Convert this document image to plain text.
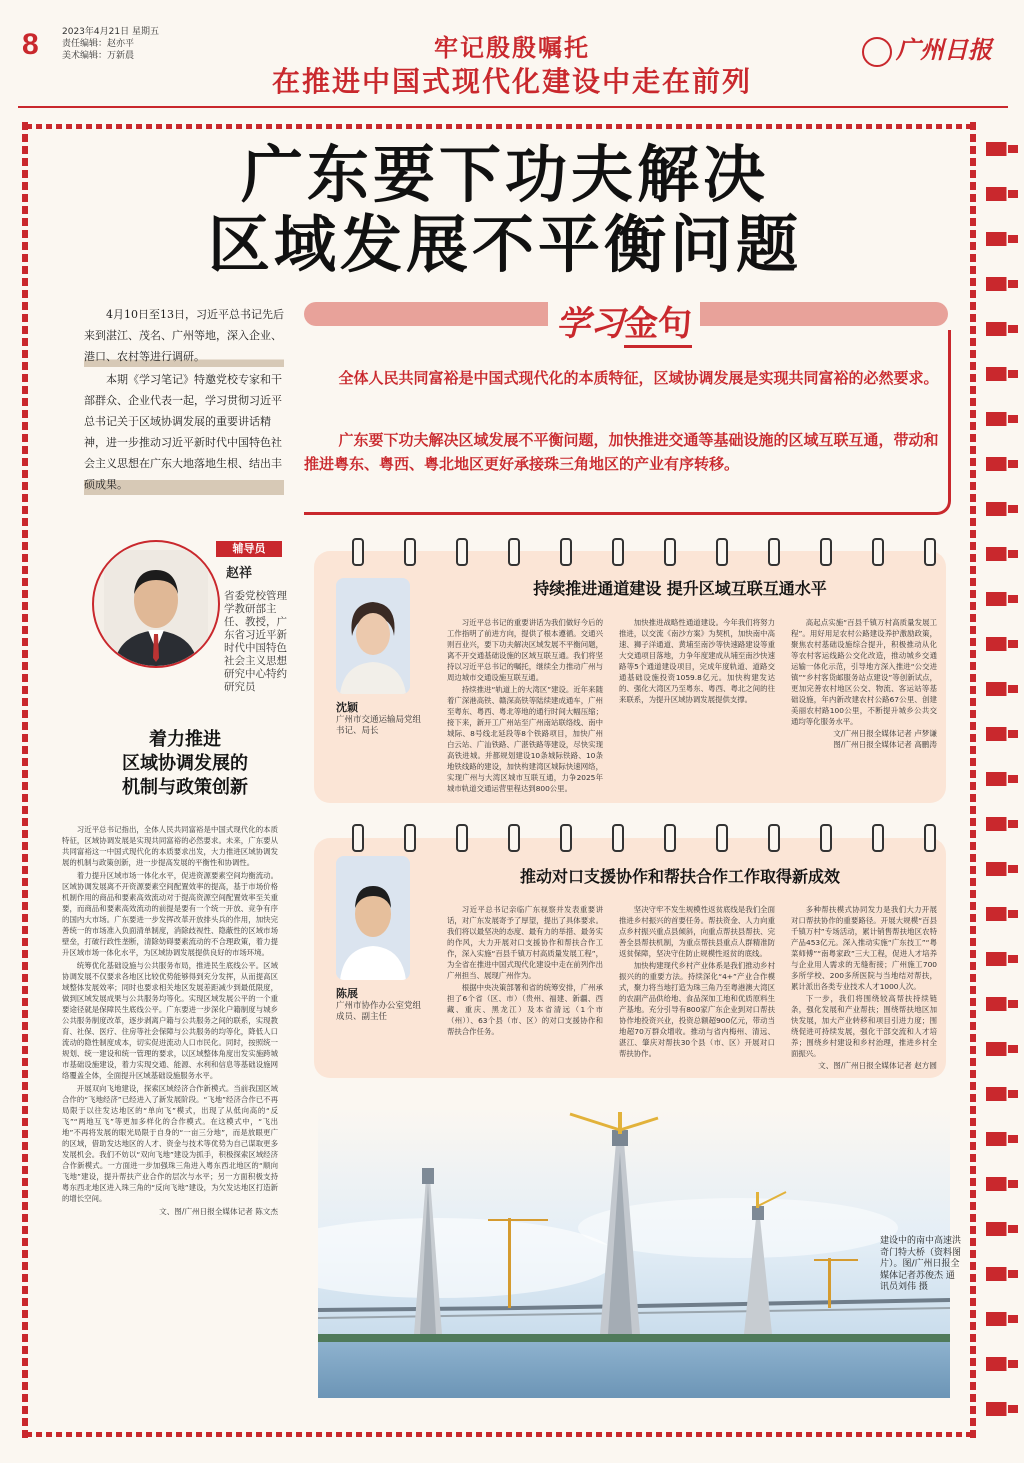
8	2023年4月21日 星期五
责任编辑：赵亦平
美术编辑：万新晨	牢记殷殷嘱托
在推进中国式现代化建设中走在前列
广州日报
广东要下功夫解决
区域发展不平衡问题

4月10日至13日，习近平总书记先后来到湛江、茂名、广州等地，深入企业、港口、农村等进行调研。

本期《学习笔记》特邀党校专家和干部群众、企业代表一起，学习贯彻习近平总书记关于区域协调发展的重要讲话精神，进一步推动习近平新时代中国特色社会主义思想在广东大地落地生根、结出丰硕成果。

学习金句
全体人民共同富裕是中国式现代化的本质特征，区域协调发展是实现共同富裕的必然要求。
广东要下功夫解决区域发展不平衡问题，加快推进交通等基础设施的区域互联互通，带动和推进粤东、粤西、粤北地区更好承接珠三角地区的产业有序转移。
辅导员
赵祥
省委党校管理学教研部主任、教授，广东省习近平新时代中国特色社会主义思想研究中心特约研究员
着力推进
区域协调发展的
机制与政策创新

习近平总书记指出，全体人民共同富裕是中国式现代化的本质特征，区域协调发展是实现共同富裕的必然要求。未来，广东要从共同富裕这一中国式现代化的本质要求出发，大力推进区域协调发展的机制与政策创新，进一步提高发展的平衡性和协调性。

着力提升区域市场一体化水平，促进资源要素空间均衡流动。区域协调发展离不开资源要素空间配置效率的提高，基于市场价格机制作用的商品和要素高效流动对于提高资源空间配置效率至关重要，而商品和要素高效流动的前提是要有一个统一开放、竞争有序的国内大市场。广东要进一步发挥改革开放排头兵的作用，加快完善统一的市场准入负面清单制度，消除歧视性、隐蔽性的区域市场壁垒，打破行政性垄断，清除妨碍要素流动的不合理政策，着力提升区域市场一体化水平，为区域协调发展提供良好的市场环境。

统筹优化基础设施与公共服务布局，推进民生底线公平。区域协调发展不仅要求各地区比较优势能够得到充分发挥，从而提高区域整体发展效率；同时也要求相关地区发展差距减少到最低限度，做到区域发展成果与公共服务均等化。实现区域发展公平的一个重要途径就是保障民生底线公平。广东要进一步深化户籍制度与城乡公共服务制度改革，逐步剥离户籍与公共服务之间的联系，实现教育、社保、医疗、住房等社会保障与公共服务的均等化，降低人口流动的隐性制度成本，切实促进流动人口市民化。同时，按照统一规划、统一建设和统一管理的要求，以区域整体角度出发实施跨城市基础设施建设，着力实现交通、能源、水利和信息等基础设施网络覆盖全体，全面提升区域基础设施服务水平。

开展双向飞地建设，探索区域经济合作新模式。当前我国区域合作的“飞地经济”已经进入了新发展阶段。“飞地”经济合作已不再局限于以往发达地区的“单向飞”模式，出现了从低向高的“反飞”“两地互飞”等更加多样化的合作模式。在这模式中，“飞出地”不再将发展的眼光局限于自身的“一亩三分地”，而是放眼更广的区域，借助发达地区的人才、资金与技术等优势为自己谋取更多发展机会。我们不妨以“双向飞地”建设为抓手，积极探索区域经济合作新模式。一方面进一步加强珠三角进入粤东西北地区的“顺向飞地”建设，提升帮扶产业合作的层次与水平；另一方面积极支持粤东西北地区进入珠三角的“反向飞地”建设，为欠发达地区打造新的增长空间。

文、图/广州日报全媒体记者 陈文杰
持续推进通道建设 提升区域互联互通水平
沈颖
广州市交通运输局党组书记、局长

习近平总书记的重要讲话为我们做好今后的工作指明了前进方向，提供了根本遵循。交通兴则百业兴，要下功夫解决区域发展不平衡问题，离不开交通基础设施的区域互联互通。我们将坚持以习近平总书记的嘱托，继续全力推动广州与周边城市交通设施互联互通。

持续推进“轨道上的大湾区”建设。近年来随着广深港高铁、赣深高铁等陆续建成通车，广州至粤东、粤西、粤北等地的通行时间大幅压缩；接下来，新开工广州站至广州南站联络线、南中城际、8号线北延段等8个铁路项目，加快广州白云站、广汕铁路、广湛铁路等建设，尽快实现高铁进城。并都规划建设10条城际铁路、10条地铁线路的建设，加快构建湾区城际快速网络，实现广州与大湾区城市互联互通，力争2025年城市轨道交通运营里程达到800公里。

加快推进战略性通道建设。今年我们将努力推进，以交流《南沙方案》为契机，加快南中高速、狮子洋通道、黄埔至南沙等快速路建设等重大交通项目落地，力争年度建成从埔至南沙快速路等5个通道建设项目，完成年度轨道、道路交通基础设施投资1059.8亿元。加快构建发达的、强化大湾区乃至粤东、粤西、粤北之间的往来联系，为提升区域协调发展提供支撑。

高起点实施“百县千镇万村高质量发展工程”。用好用足农村公路建设养护激励政策，聚焦农村基础设施综合提升，积极推动从化等农村客运线路公交化改造，推动城乡交通运输一体化示范，引导地方深入推进“公交进镇”“乡村客货邮服务站点建设”等创新试点，更加完善农村地区公交、物流、客运站等基础设施，年内新改建农村公路67公里、创建美丽农村路100公里，不断提升城乡公共交通均等化服务水平。

文/广州日报全媒体记者 卢梦谦
图/广州日报全媒体记者 高鹏涛
推动对口支援协作和帮扶合作工作取得新成效
陈展
广州市协作办公室党组成员、副主任

习近平总书记亲临广东视察并发表重要讲话，对广东发展寄予了厚望，提出了具体要求。我们将以最坚决的态度、最有力的举措、最务实的作风，大力开展对口支援协作和帮扶合作工作，深入实施“百县千镇万村高质量发展工程”，为全省在推进中国式现代化建设中走在前列作出广州担当、展现广州作为。

根据中央决策部署和省的统筹安排，广州承担了6个省（区、市）（贵州、福建、新疆、西藏、重庆、黑龙江）及本省清远（1个市（州））、63个县（市、区）的对口支援协作和帮扶合作任务。

坚决守牢不发生规模性返贫底线是我们全面推进乡村振兴的首要任务。帮扶资金、人力向重点乡村振兴重点县倾斜，向重点帮扶县帮扶、完善全县帮扶机制，为重点帮扶县重点人群精准防返贫保障，坚决守住防止规模性返贫的底线。

加快构建现代乡村产业体系是我们推动乡村振兴的的重要方法。持续深化“4+”产业合作模式，聚力将当地打造为珠三角乃至粤港澳大湾区的农副产品供给地、食品深加工地和优质原料生产基地。充分引导有800家广东企业到对口帮扶协作地投资兴业，投资总额超900亿元，带动当地超70万群众增收。推动与省内梅州、清远、湛江、肇庆对帮扶30个县（市、区）开展对口帮扶协作。

多种帮扶模式协同发力是我们大力开展对口帮扶协作的重要路径。开展大规模“百县千镇万村”专场活动，累计销售帮扶地区农特产品453亿元。深入推动实施“广东技工”“粤菜师傅”“南粤家政”三大工程，促进人才培养与企业用人需求的无缝衔接；广州施工700多所学校、200多所医院与当地结对帮扶，累计派出各类专业技术人才1000人次。

下一步，我们将围绕较高帮扶持续链条，强化发展和产业帮扶；围绕帮扶地区加快发展，加大产业转移和项目引进力度；围绕促进可持续发展，强化干部交流和人才培养；围绕乡村建设和乡村治理，推进乡村全面振兴。

文、图/广州日报全媒体记者 赵方圆
建设中的南中高速洪奇门特大桥（资料图片）。图/广州日报全媒体记者苏俊杰 通讯员刘伟 摄
